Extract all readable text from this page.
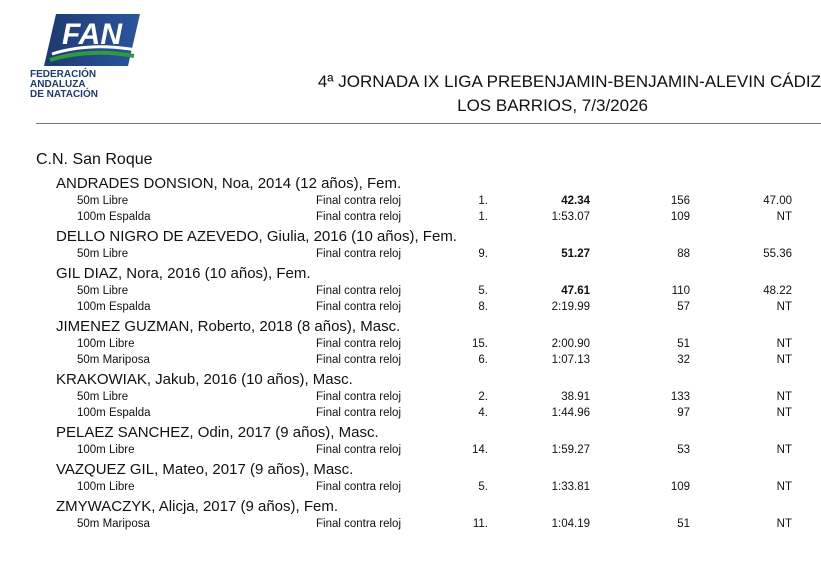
FAN
FEDERACIÓN
ANDALUZA
DE NATACIÓN
4ª JORNADA IX LIGA PREBENJAMIN-BENJAMIN-ALEVIN CÁDIZ
LOS BARRIOS, 7/3/2026
C.N. San Roque
ANDRADES DONSION, Noa, 2014 (12 años), Fem.
50m Libre	Final contra reloj	1.	42.34	156	47.00
100m Espalda	Final contra reloj	1.	1:53.07	109	NT
DELLO NIGRO DE AZEVEDO, Giulia, 2016 (10 años), Fem.
50m Libre	Final contra reloj	9.	51.27	88	55.36
GIL DIAZ, Nora, 2016 (10 años), Fem.
50m Libre	Final contra reloj	5.	47.61	110	48.22
100m Espalda	Final contra reloj	8.	2:19.99	57	NT
JIMENEZ GUZMAN, Roberto, 2018 (8 años), Masc.
100m Libre	Final contra reloj	15.	2:00.90	51	NT
50m Mariposa	Final contra reloj	6.	1:07.13	32	NT
KRAKOWIAK, Jakub, 2016 (10 años), Masc.
50m Libre	Final contra reloj	2.	38.91	133	NT
100m Espalda	Final contra reloj	4.	1:44.96	97	NT
PELAEZ SANCHEZ, Odin, 2017 (9 años), Masc.
100m Libre	Final contra reloj	14.	1:59.27	53	NT
VAZQUEZ GIL, Mateo, 2017 (9 años), Masc.
100m Libre	Final contra reloj	5.	1:33.81	109	NT
ZMYWACZYK, Alicja, 2017 (9 años), Fem.
50m Mariposa	Final contra reloj	11.	1:04.19	51	NT
